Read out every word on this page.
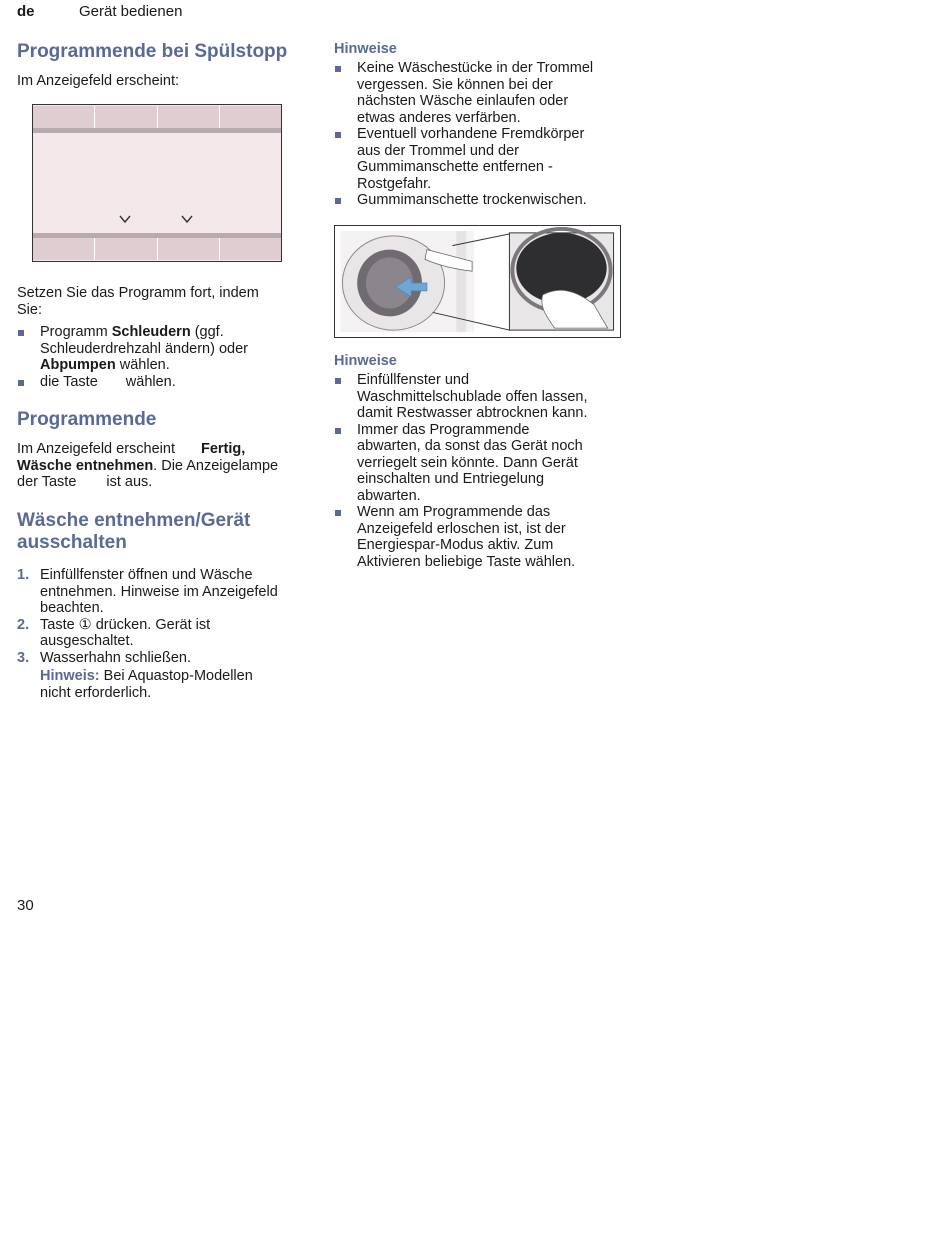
de	Gerät bedienen
Programmende bei Spülstopp

Im Anzeigefeld erscheint:

Setzen Sie das Programm fort, indem
Sie:

Programm Schleudern (ggf.
Schleuderdrehzahl ändern) oder
Abpumpen wählen.
die Taste wählen.
Programmende

Im Anzeigefeld erscheint Fertig,
Wäsche entnehmen. Die Anzeigelampe
der Taste ist aus.

Wäsche entnehmen/Gerät
ausschalten
1. Einfüllfenster öffnen und Wäsche
entnehmen. Hinweise im Anzeigefeld
beachten.
2. Taste ① drücken. Gerät ist
ausgeschaltet.
3. Wasserhahn schließen.
Hinweis: Bei Aquastop-Modellen
nicht erforderlich.
Hinweise
Keine Wäschestücke in der Trommel
vergessen. Sie können bei der
nächsten Wäsche einlaufen oder
etwas anderes verfärben.
Eventuell vorhandene Fremdkörper
aus der Trommel und der
Gummimanschette entfernen -
Rostgefahr.
Gummimanschette trockenwischen.
Hinweise
Einfüllfenster und
Waschmittelschublade offen lassen,
damit Restwasser abtrocknen kann.
Immer das Programmende
abwarten, da sonst das Gerät noch
verriegelt sein könnte. Dann Gerät
einschalten und Entriegelung
abwarten.
Wenn am Programmende das
Anzeigefeld erloschen ist, ist der
Energiespar-Modus aktiv. Zum
Aktivieren beliebige Taste wählen.
30
